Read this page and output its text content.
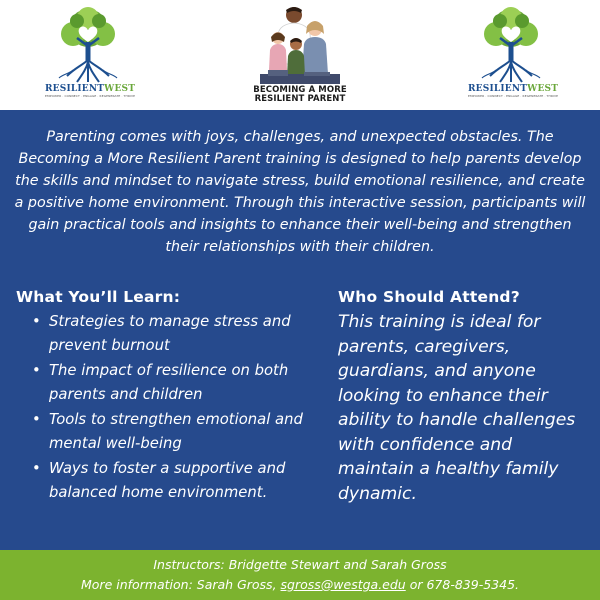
RESILIENTWEST
EMPOWER · CONNECT · ENGAGE · REGENERATE · THRIVE
BECOMING A MORE
RESILIENT PARENT
RESILIENTWEST
EMPOWER · CONNECT · ENGAGE · REGENERATE · THRIVE
Parenting comes with joys, challenges, and unexpected obstacles. The Becoming a More Resilient Parent training is designed to help parents develop the skills and mindset to navigate stress, build emotional resilience, and create a positive home environment. Through this interactive session, participants will gain practical tools and insights to enhance their well-being and strengthen their relationships with their children.
What You’ll Learn:
• Strategies to manage stress and prevent burnout
• The impact of resilience on both parents and children
• Tools to strengthen emotional and mental well-being
• Ways to foster a supportive and balanced home environment.
Who Should Attend?
This training is ideal for parents, caregivers, guardians, and anyone looking to enhance their ability to handle challenges with confidence and maintain a healthy family dynamic.
Instructors: Bridgette Stewart and Sarah Gross
More information: Sarah Gross, sgross@westga.edu or 678-839-5345.
